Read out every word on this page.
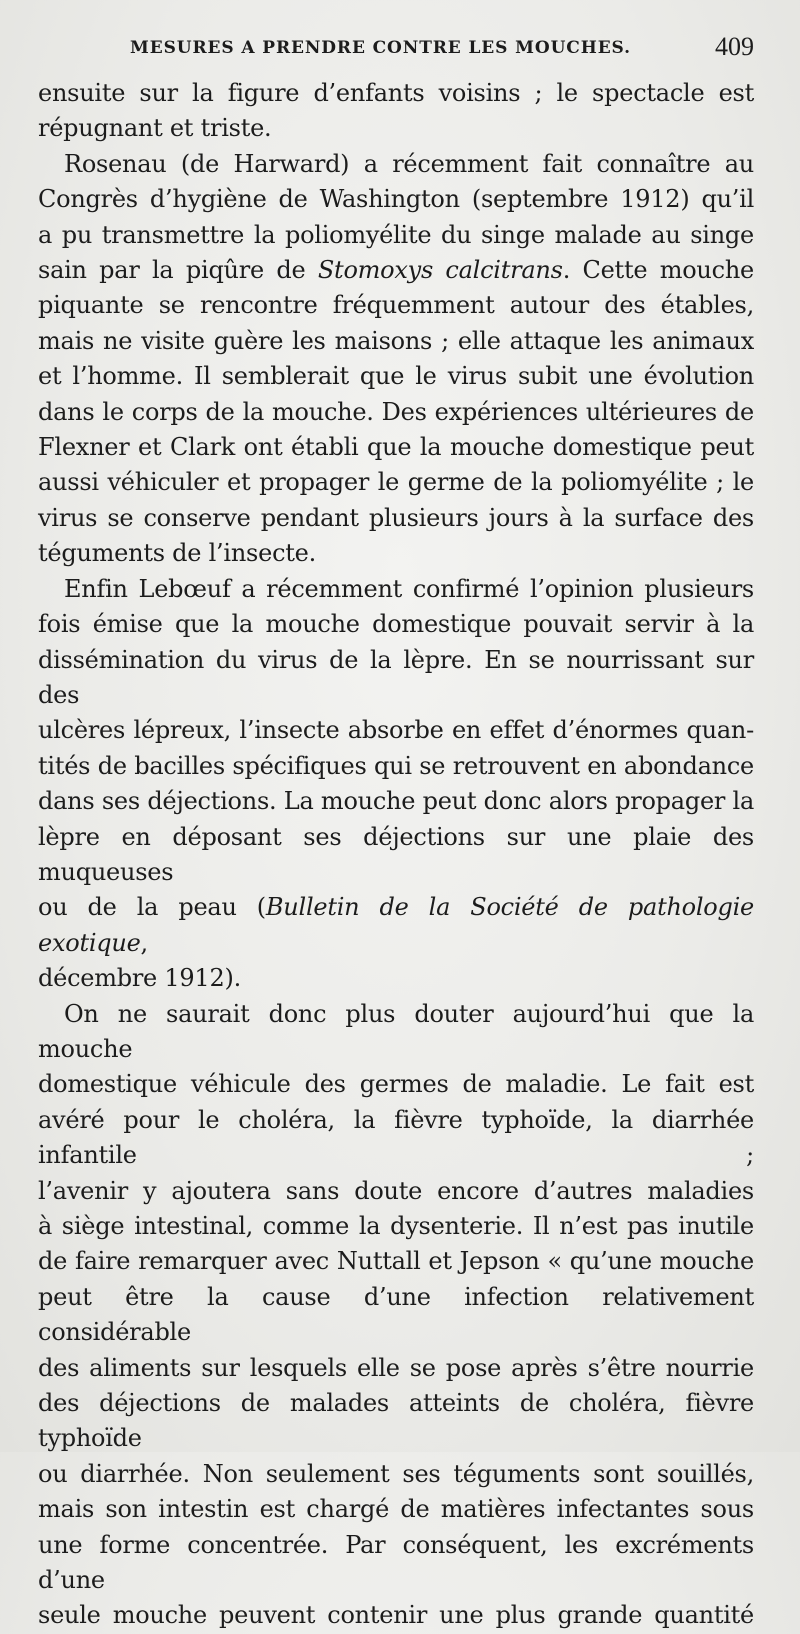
MESURES A PRENDRE CONTRE LES MOUCHES.	409

ensuite sur la figure d’enfants voisins ; le spectacle est

répugnant et triste.

Rosenau (de Harward) a récemment fait connaître au

Congrès d’hygiène de Washington (septembre 1912) qu’il

a pu transmettre la poliomyélite du singe malade au singe

sain par la piqûre de Stomoxys calcitrans. Cette mouche

piquante se rencontre fréquemment autour des étables,

mais ne visite guère les maisons ; elle attaque les animaux

et l’homme. Il semblerait que le virus subit une évolution

dans le corps de la mouche. Des expériences ultérieures de

Flexner et Clark ont établi que la mouche domestique peut

aussi véhiculer et propager le germe de la poliomyélite ; le

virus se conserve pendant plusieurs jours à la surface des

téguments de l’insecte.

Enfin Lebœuf a récemment confirmé l’opinion plusieurs

fois émise que la mouche domestique pouvait servir à la

dissémination du virus de la lèpre. En se nourrissant sur des

ulcères lépreux, l’insecte absorbe en effet d’énormes quan-

tités de bacilles spécifiques qui se retrouvent en abondance

dans ses déjections. La mouche peut donc alors propager la

lèpre en déposant ses déjections sur une plaie des muqueuses

ou de la peau (Bulletin de la Société de pathologie exotique,

décembre 1912).

On ne saurait donc plus douter aujourd’hui que la mouche

domestique véhicule des germes de maladie. Le fait est

avéré pour le choléra, la fièvre typhoïde, la diarrhée infantile ;

l’avenir y ajoutera sans doute encore d’autres maladies

à siège intestinal, comme la dysenterie. Il n’est pas inutile

de faire remarquer avec Nuttall et Jepson « qu’une mouche

peut être la cause d’une infection relativement considérable

des aliments sur lesquels elle se pose après s’être nourrie

des déjections de malades atteints de choléra, fièvre typhoïde

ou diarrhée. Non seulement ses téguments sont souillés,

mais son intestin est chargé de matières infectantes sous

une forme concentrée. Par conséquent, les excréments d’une

seule mouche peuvent contenir une plus grande quantité
